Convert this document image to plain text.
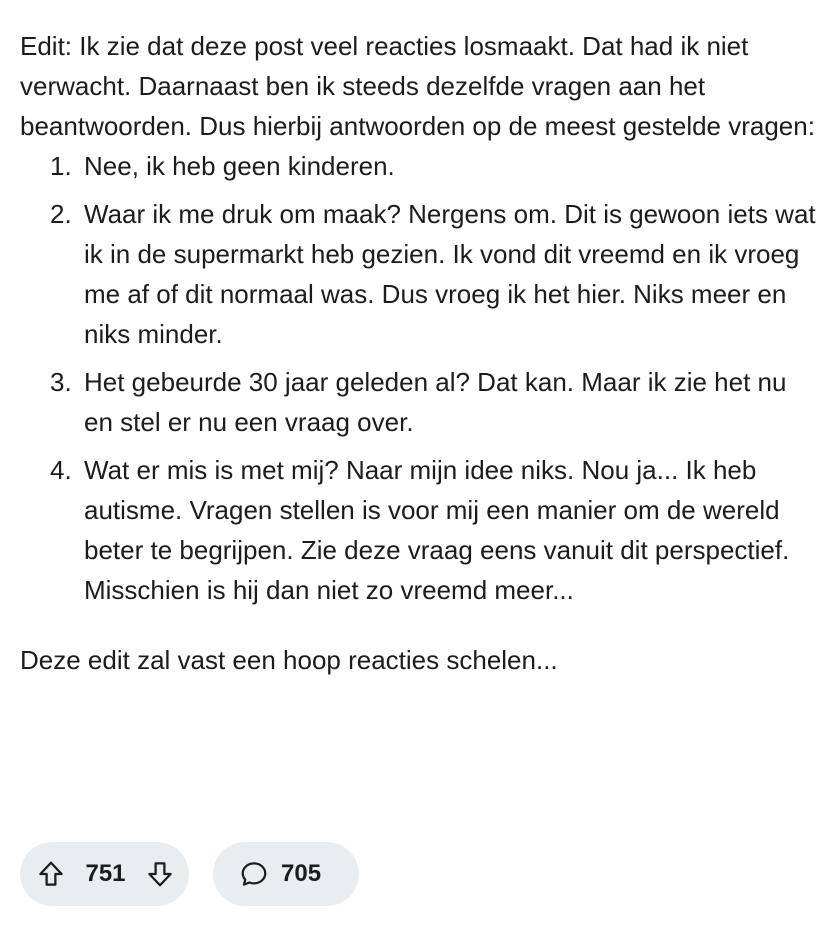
Edit: Ik zie dat deze post veel reacties losmaakt. Dat had ik niet verwacht. Daarnaast ben ik steeds dezelfde vragen aan het beantwoorden. Dus hierbij antwoorden op de meest gestelde vragen:

1. Nee, ik heb geen kinderen.
2. Waar ik me druk om maak? Nergens om. Dit is gewoon iets wat ik in de supermarkt heb gezien. Ik vond dit vreemd en ik vroeg me af of dit normaal was. Dus vroeg ik het hier. Niks meer en niks minder.
3. Het gebeurde 30 jaar geleden al? Dat kan. Maar ik zie het nu en stel er nu een vraag over.
4. Wat er mis is met mij? Naar mijn idee niks. Nou ja... Ik heb autisme. Vragen stellen is voor mij een manier om de wereld beter te begrijpen. Zie deze vraag eens vanuit dit perspectief. Misschien is hij dan niet zo vreemd meer...

Deze edit zal vast een hoop reacties schelen...

751	705
